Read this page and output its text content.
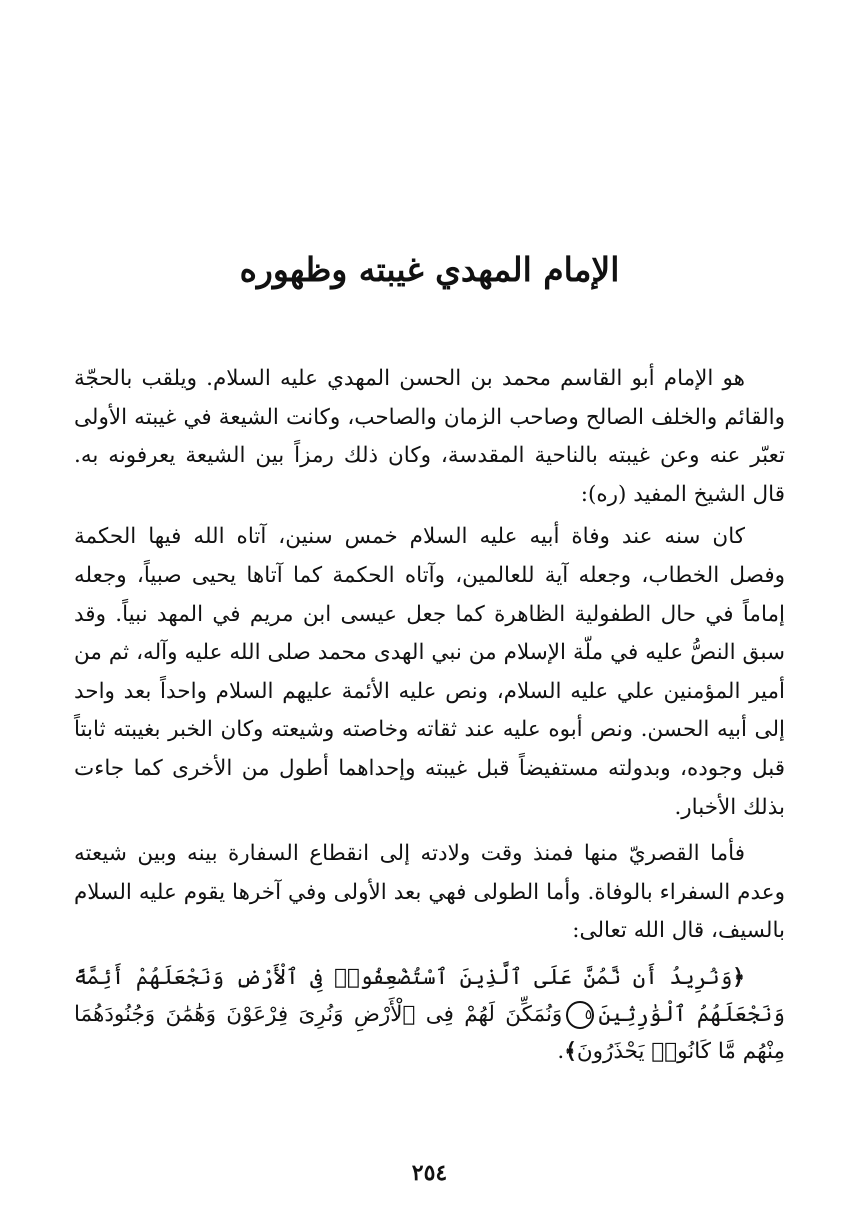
الإمام المهدي غيبته وظهوره

هو الإمام أبو القاسم محمد بن الحسن المهدي عليه السلام. ويلقب بالحجّة والقائم والخلف الصالح وصاحب الزمان والصاحب، وكانت الشيعة في غيبته الأولى تعبّر عنه وعن غيبته بالناحية المقدسة، وكان ذلك رمزاً بين الشيعة يعرفونه به. قال الشيخ المفيد (ره):

كان سنه عند وفاة أبيه عليه السلام خمس سنين، آتاه الله فيها الحكمة وفصل الخطاب، وجعله آية للعالمين، وآتاه الحكمة كما آتاها يحيى صبياً، وجعله إماماً في حال الطفولية الظاهرة كما جعل عيسى ابن مريم في المهد نبياً. وقد سبق النصُّ عليه في ملّة الإسلام من نبي الهدى محمد صلى الله عليه وآله، ثم من أمير المؤمنين علي عليه السلام، ونص عليه الأئمة عليهم السلام واحداً بعد واحد إلى أبيه الحسن. ونص أبوه عليه عند ثقاته وخاصته وشيعته وكان الخبر بغيبته ثابتاً قبل وجوده، وبدولته مستفيضاً قبل غيبته وإحداهما أطول من الأخرى كما جاءت بذلك الأخبار.

فأما القصريّ منها فمنذ وقت ولادته إلى انقطاع السفارة بينه وبين شيعته وعدم السفراء بالوفاة. وأما الطولى فهي بعد الأولى وفي آخرها يقوم عليه السلام بالسيف، قال الله تعالى:

﴿وَنُرِيدُ أَن نَّمُنَّ عَلَى ٱلَّذِينَ ٱسْتُضْعِفُوا۟ فِى ٱلْأَرْضِ وَنَجْعَلَهُمْ أَئِمَّةً وَنَجْعَلَهُمُ ٱلْوَٰرِثِينَ٥وَنُمَكِّنَ لَهُمْ فِى ٱلْأَرْضِ وَنُرِىَ فِرْعَوْنَ وَهَٰمَٰنَ وَجُنُودَهُمَا مِنْهُم مَّا كَانُوا۟ يَحْذَرُونَ﴾.

٢٥٤
